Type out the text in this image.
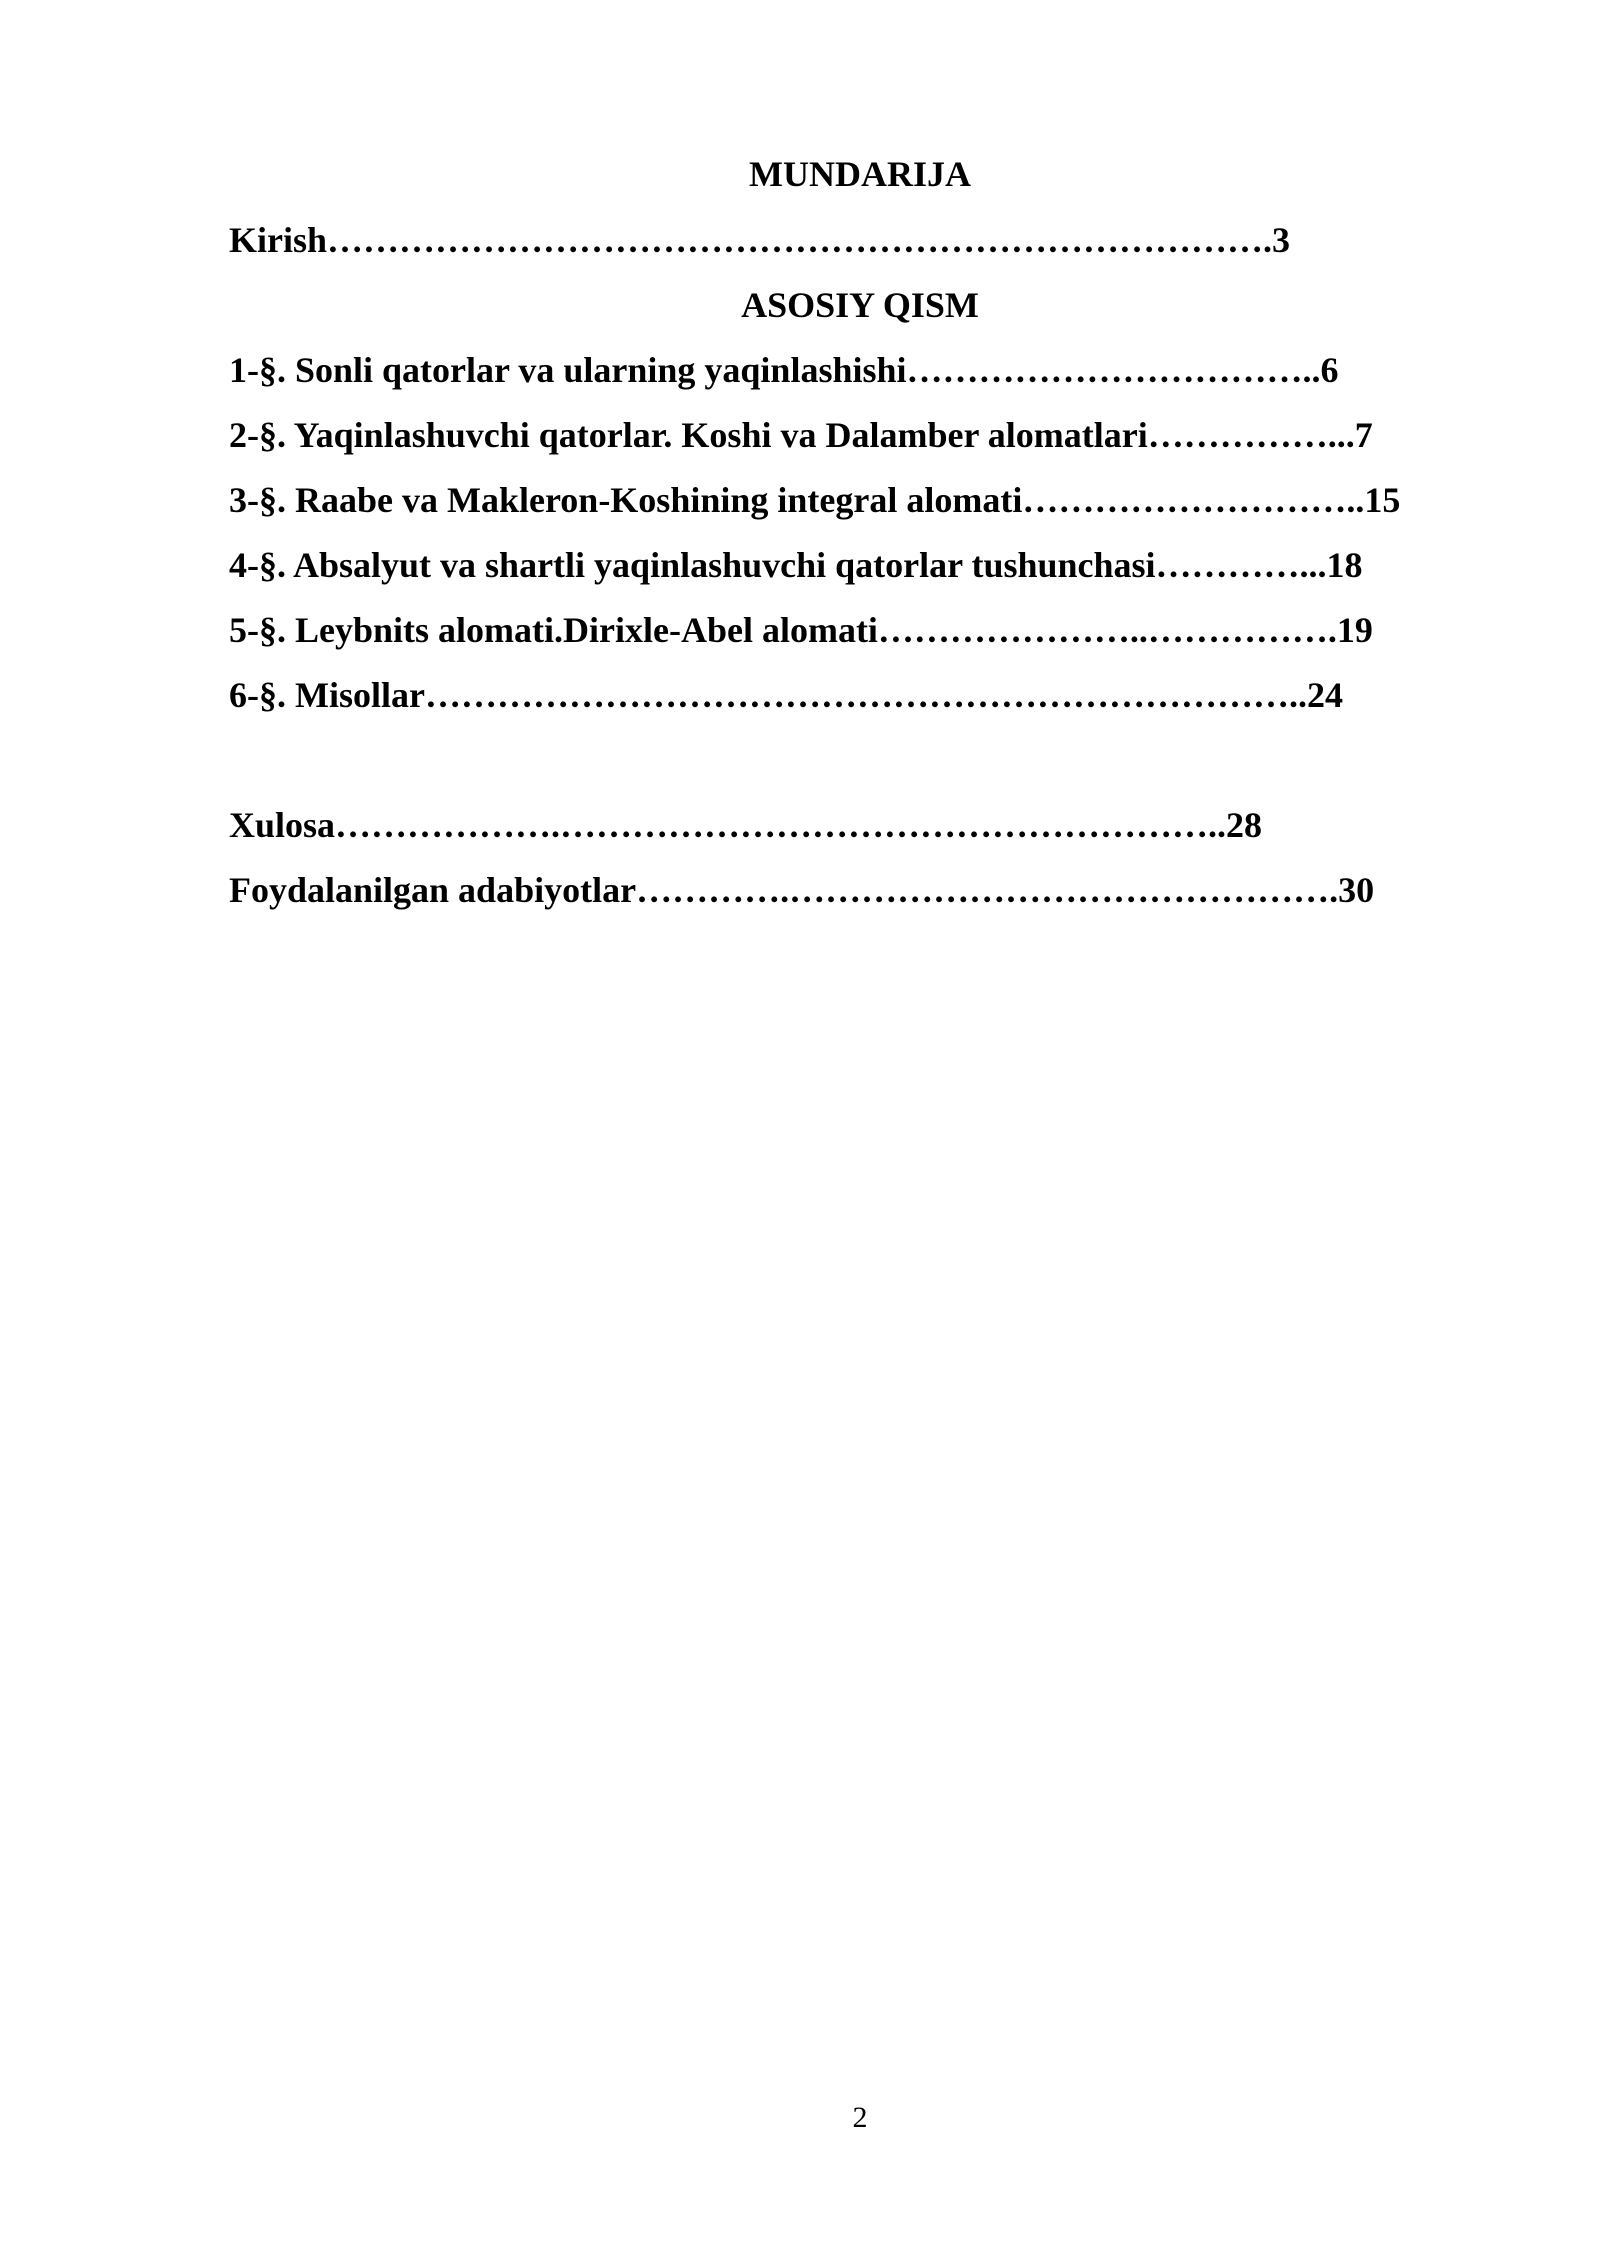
MUNDARIJA
Kirish…………………………………………………………………….3
ASOSIY QISM
1-§. Sonli qatorlar va ularning yaqinlashishi……………………………..6
2-§. Yaqinlashuvchi qatorlar. Koshi va Dalamber alomatlari……………...7
3-§. Raabe va Makleron-Koshining integral alomati………………………..15
4-§. Absalyut va shartli yaqinlashuvchi qatorlar tushunchasi…………...18
5-§. Leybnits alomati.Dirixle-Abel alomati…………………..…………….19
6-§. Misollar………………………………………………………………..24
Xulosa……………….………………………………………………..28
Foydalanilgan adabiyotlar………….……………………………………….30
2
